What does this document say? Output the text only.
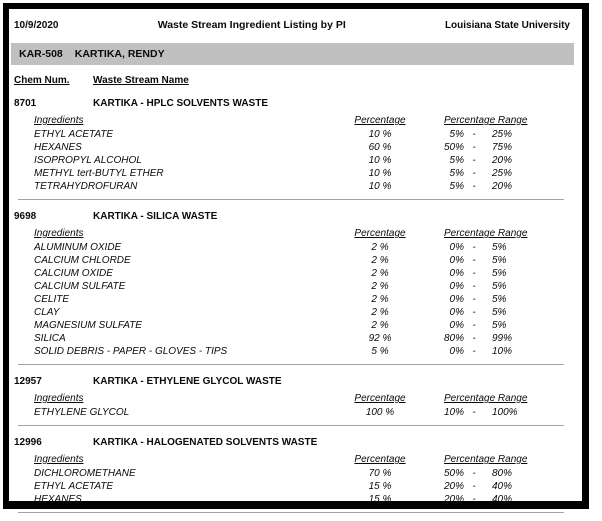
10/9/2020	Waste Stream Ingredient Listing by PI	Louisiana State University
KAR-508 KARTIKA, RENDY
Chem Num.	Waste Stream Name
8701	KARTIKA - HPLC SOLVENTS WASTE
Ingredients	Percentage	Percentage Range
ETHYL ACETATE	10 %	5% -	25%
HEXANES	60 %	50% -	75%
ISOPROPYL ALCOHOL	10 %	5% -	20%
METHYL tert-BUTYL ETHER	10 %	5% -	25%
TETRAHYDROFURAN	10 %	5% -	20%
9698	KARTIKA - SILICA WASTE
Ingredients	Percentage	Percentage Range
ALUMINUM OXIDE	2 %	0% -	5%
CALCIUM CHLORDE	2 %	0% -	5%
CALCIUM OXIDE	2 %	0% -	5%
CALCIUM SULFATE	2 %	0% -	5%
CELITE	2 %	0% -	5%
CLAY	2 %	0% -	5%
MAGNESIUM SULFATE	2 %	0% -	5%
SILICA	92 %	80% -	99%
SOLID DEBRIS - PAPER - GLOVES - TIPS	5 %	0% -	10%
12957	KARTIKA - ETHYLENE GLYCOL WASTE
Ingredients	Percentage	Percentage Range
ETHYLENE GLYCOL	100 %	10% -	100%
12996	KARTIKA - HALOGENATED SOLVENTS WASTE
Ingredients	Percentage	Percentage Range
DICHLOROMETHANE	70 %	50% -	80%
ETHYL ACETATE	15 %	20% -	40%
HEXANES	15 %	20% -	40%
